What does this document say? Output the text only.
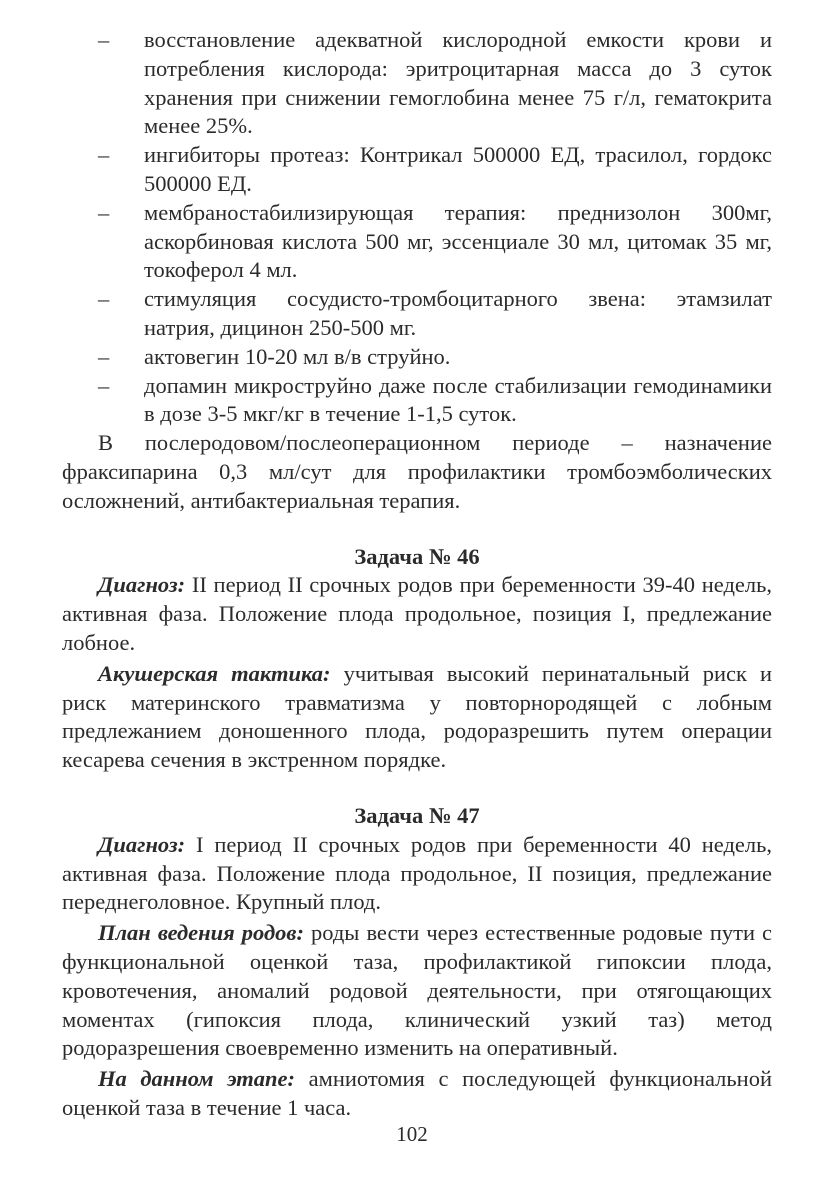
– восстановление адекватной кислородной емкости крови и потребления кислорода: эритроцитарная масса до 3 суток хранения при снижении гемоглобина менее 75 г/л, гематокрита менее 25%.
– ингибиторы протеаз: Контрикал 500000 ЕД, трасилол, гордокс 500000 ЕД.
– мембраностабилизирующая терапия: преднизолон 300мг, аскорбиновая кислота 500 мг, эссенциале 30 мл, цитомак 35 мг, токоферол 4 мл.
– стимуляция сосудисто-тромбоцитарного звена: этамзилат натрия, дицинон 250-500 мг.
– актовегин 10-20 мл в/в струйно.
– допамин микроструйно даже после стабилизации гемодинамики в дозе 3-5 мкг/кг в течение 1-1,5 суток.

В послеродовом/послеоперационном периоде – назначение фраксипарина 0,3 мл/сут для профилактики тромбоэмболических осложнений, антибактериальная терапия.

Задача № 46

Диагноз: II период II срочных родов при беременности 39-40 недель, активная фаза. Положение плода продольное, позиция I, предлежание лобное.

Акушерская тактика: учитывая высокий перинатальный риск и риск материнского травматизма у повторнородящей с лобным предлежанием доношенного плода, родоразрешить путем операции кесарева сечения в экстренном порядке.

Задача № 47

Диагноз: I период II срочных родов при беременности 40 недель, активная фаза. Положение плода продольное, II позиция, предлежание переднеголовное. Крупный плод.

План ведения родов: роды вести через естественные родовые пути с функциональной оценкой таза, профилактикой гипоксии плода, кровотечения, аномалий родовой деятельности, при отягощающих моментах (гипоксия плода, клинический узкий таз) метод родоразрешения своевременно изменить на оперативный.

На данном этапе: амниотомия с последующей функциональной оценкой таза в течение 1 часа.

102
